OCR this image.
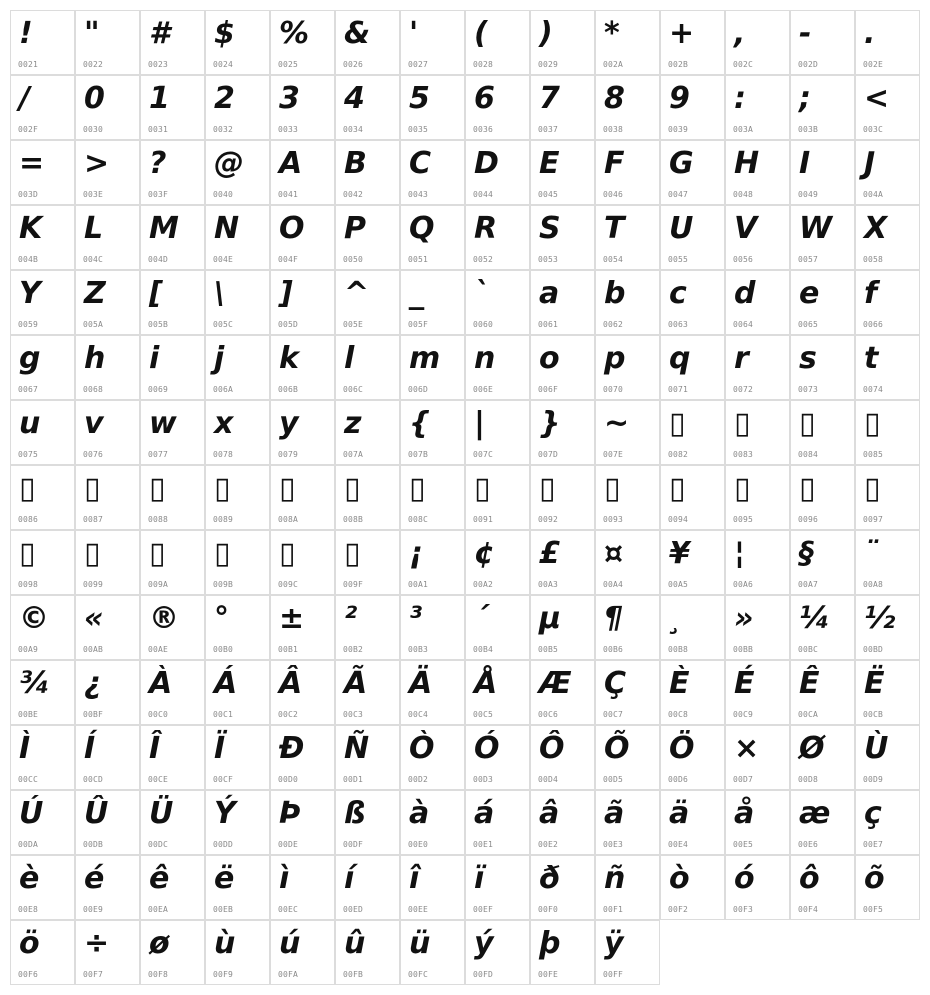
!
0021
"
0022
#
0023
$
0024
%
0025
&
0026
'
0027
(
0028
)
0029
*
002A
+
002B
,
002C
-
002D
.
002E
/
002F
0
0030
1
0031
2
0032
3
0033
4
0034
5
0035
6
0036
7
0037
8
0038
9
0039
:
003A
;
003B
<
003C
=
003D
>
003E
?
003F
@
0040
A
0041
B
0042
C
0043
D
0044
E
0045
F
0046
G
0047
H
0048
I
0049
J
004A
K
004B
L
004C
M
004D
N
004E
O
004F
P
0050
Q
0051
R
0052
S
0053
T
0054
U
0055
V
0056
W
0057
X
0058
Y
0059
Z
005A
[
005B
\
005C
]
005D
^
005E
_
005F
`
0060
a
0061
b
0062
c
0063
d
0064
e
0065
f
0066
g
0067
h
0068
i
0069
j
006A
k
006B
l
006C
m
006D
n
006E
o
006F
p
0070
q
0071
r
0072
s
0073
t
0074
u
0075
v
0076
w
0077
x
0078
y
0079
z
007A
{
007B
|
007C
}
007D
~
007E
▯
0082
▯
0083
▯
0084
▯
0085
▯
0086
▯
0087
▯
0088
▯
0089
▯
008A
▯
008B
▯
008C
▯
0091
▯
0092
▯
0093
▯
0094
▯
0095
▯
0096
▯
0097
▯
0098
▯
0099
▯
009A
▯
009B
▯
009C
▯
009F
¡
00A1
¢
00A2
£
00A3
¤
00A4
¥
00A5
¦
00A6
§
00A7
¨
00A8
©
00A9
«
00AB
®
00AE
°
00B0
±
00B1
²
00B2
³
00B3
´
00B4
µ
00B5
¶
00B6
¸
00B8
»
00BB
¼
00BC
½
00BD
¾
00BE
¿
00BF
À
00C0
Á
00C1
Â
00C2
Ã
00C3
Ä
00C4
Å
00C5
Æ
00C6
Ç
00C7
È
00C8
É
00C9
Ê
00CA
Ë
00CB
Ì
00CC
Í
00CD
Î
00CE
Ï
00CF
Ð
00D0
Ñ
00D1
Ò
00D2
Ó
00D3
Ô
00D4
Õ
00D5
Ö
00D6
×
00D7
Ø
00D8
Ù
00D9
Ú
00DA
Û
00DB
Ü
00DC
Ý
00DD
Þ
00DE
ß
00DF
à
00E0
á
00E1
â
00E2
ã
00E3
ä
00E4
å
00E5
æ
00E6
ç
00E7
è
00E8
é
00E9
ê
00EA
ë
00EB
ì
00EC
í
00ED
î
00EE
ï
00EF
ð
00F0
ñ
00F1
ò
00F2
ó
00F3
ô
00F4
õ
00F5
ö
00F6
÷
00F7
ø
00F8
ù
00F9
ú
00FA
û
00FB
ü
00FC
ý
00FD
þ
00FE
ÿ
00FF
